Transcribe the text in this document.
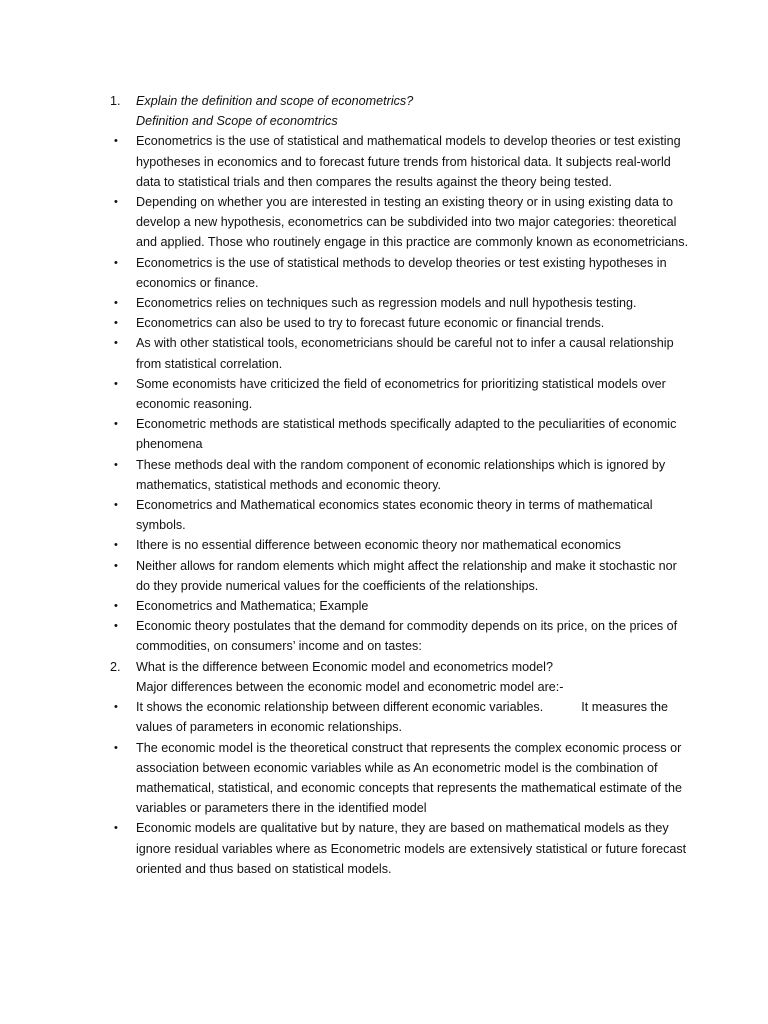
1.	Explain the definition and scope of econometrics?
Definition and Scope of economtrics
•	Econometrics is the use of statistical and mathematical models to develop theories or test existing hypotheses in economics and to forecast future trends from historical data. It subjects real-world data to statistical trials and then compares the results against the theory being tested.
•	Depending on whether you are interested in testing an existing theory or in using existing data to develop a new hypothesis, econometrics can be subdivided into two major categories: theoretical and applied. Those who routinely engage in this practice are commonly known as econometricians.
•	Econometrics is the use of statistical methods to develop theories or test existing hypotheses in economics or finance.
•	Econometrics relies on techniques such as regression models and null hypothesis testing.
•	Econometrics can also be used to try to forecast future economic or financial trends.
•	As with other statistical tools, econometricians should be careful not to infer a causal relationship from statistical correlation.
•	Some economists have criticized the field of econometrics for prioritizing statistical models over economic reasoning.
•	Econometric methods are statistical methods specifically adapted to the peculiarities of economic phenomena
•	These methods deal with the random component of economic relationships which is ignored by mathematics, statistical methods and economic theory.
•	Econometrics and Mathematical economics states economic theory in terms of mathematical symbols.
•	Ithere is no essential difference between economic theory nor mathematical economics
•	Neither allows for random elements which might affect the relationship and make it stochastic nor do they provide numerical values for the coefficients of the relationships.
•	Econometrics and Mathematica; Example
•	Economic theory postulates that the demand for commodity depends on its price, on the prices of commodities, on consumers’ income and on tastes:
2.	What is the difference between Economic model and econometrics model?
Major differences between the economic model and econometric model are:-
•	It shows the economic relationship between different economic variables.	It measures the values of parameters in economic relationships.
•	The economic model is the theoretical construct that represents the complex economic process or association between economic variables while as An econometric model is the combination of mathematical, statistical, and economic concepts that represents the mathematical estimate of the variables or parameters there in the identified model
•	Economic models are qualitative but by nature, they are based on mathematical models as they ignore residual variables where as Econometric models are extensively statistical or future forecast oriented and thus based on statistical models.
